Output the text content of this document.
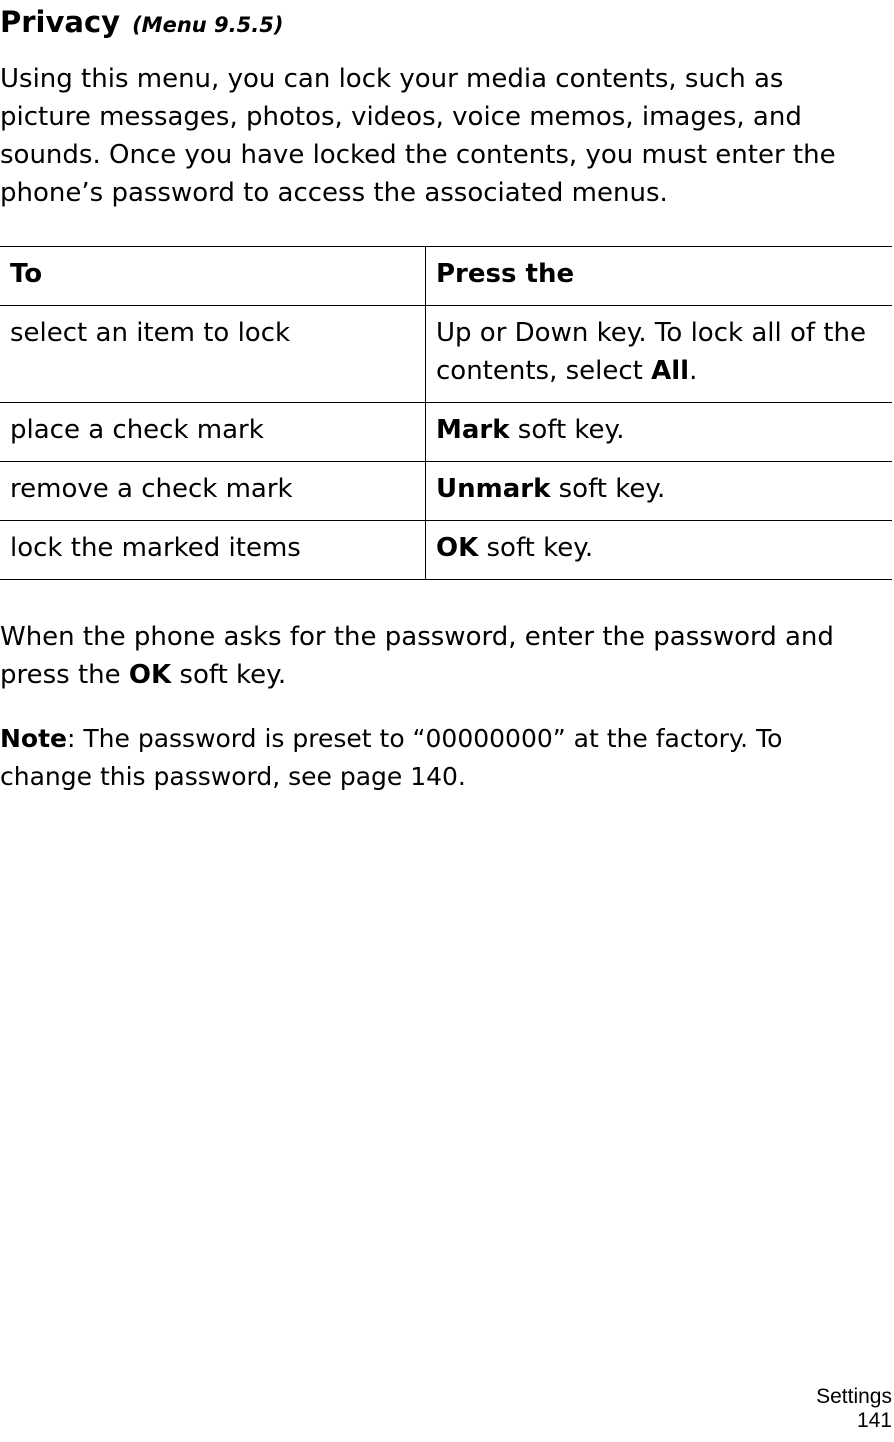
Privacy (Menu 9.5.5)

Using this menu, you can lock your media contents, such as picture messages, photos, videos, voice memos, images, and sounds. Once you have locked the contents, you must enter the phone’s password to access the associated menus.

To	Press the
select an item to lock	Up or Down key. To lock all of the contents, select All.
place a check mark	Mark soft key.
remove a check mark	Unmark soft key.
lock the marked items	OK soft key.

When the phone asks for the password, enter the password and press the OK soft key.

Note: The password is preset to “00000000” at the factory. To change this password, see page 140.

Settings
141
